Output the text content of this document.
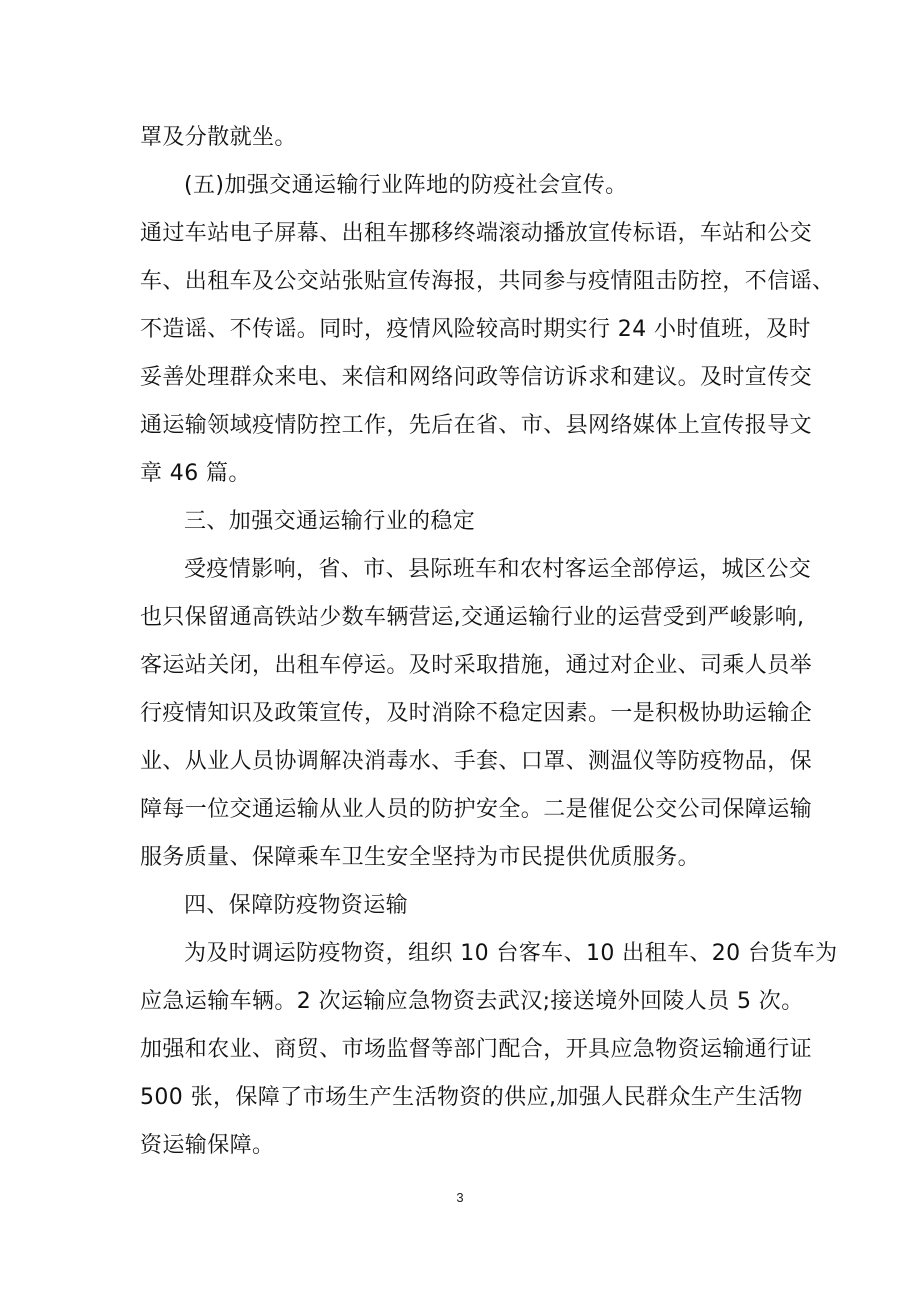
罩及分散就坐。
(五)加强交通运输行业阵地的防疫社会宣传。
通过车站电子屏幕、出租车挪移终端滚动播放宣传标语，车站和公交
车、出租车及公交站张贴宣传海报，共同参与疫情阻击防控，不信谣、
不造谣、不传谣。同时，疫情风险较高时期实行 24 小时值班，及时
妥善处理群众来电、来信和网络问政等信访诉求和建议。及时宣传交
通运输领域疫情防控工作，先后在省、市、县网络媒体上宣传报导文
章 46 篇。
三、加强交通运输行业的稳定
受疫情影响，省、市、县际班车和农村客运全部停运，城区公交
也只保留通高铁站少数车辆营运,交通运输行业的运营受到严峻影响,
客运站关闭，出租车停运。及时采取措施，通过对企业、司乘人员举
行疫情知识及政策宣传，及时消除不稳定因素。一是积极协助运输企
业、从业人员协调解决消毒水、手套、口罩、测温仪等防疫物品，保
障每一位交通运输从业人员的防护安全。二是催促公交公司保障运输
服务质量、保障乘车卫生安全坚持为市民提供优质服务。
四、保障防疫物资运输
为及时调运防疫物资，组织 10 台客车、10 出租车、20 台货车为
应急运输车辆。2 次运输应急物资去武汉;接送境外回陵人员 5 次。
加强和农业、商贸、市场监督等部门配合，开具应急物资运输通行证
500 张，保障了市场生产生活物资的供应,加强人民群众生产生活物
资运输保障。
3
